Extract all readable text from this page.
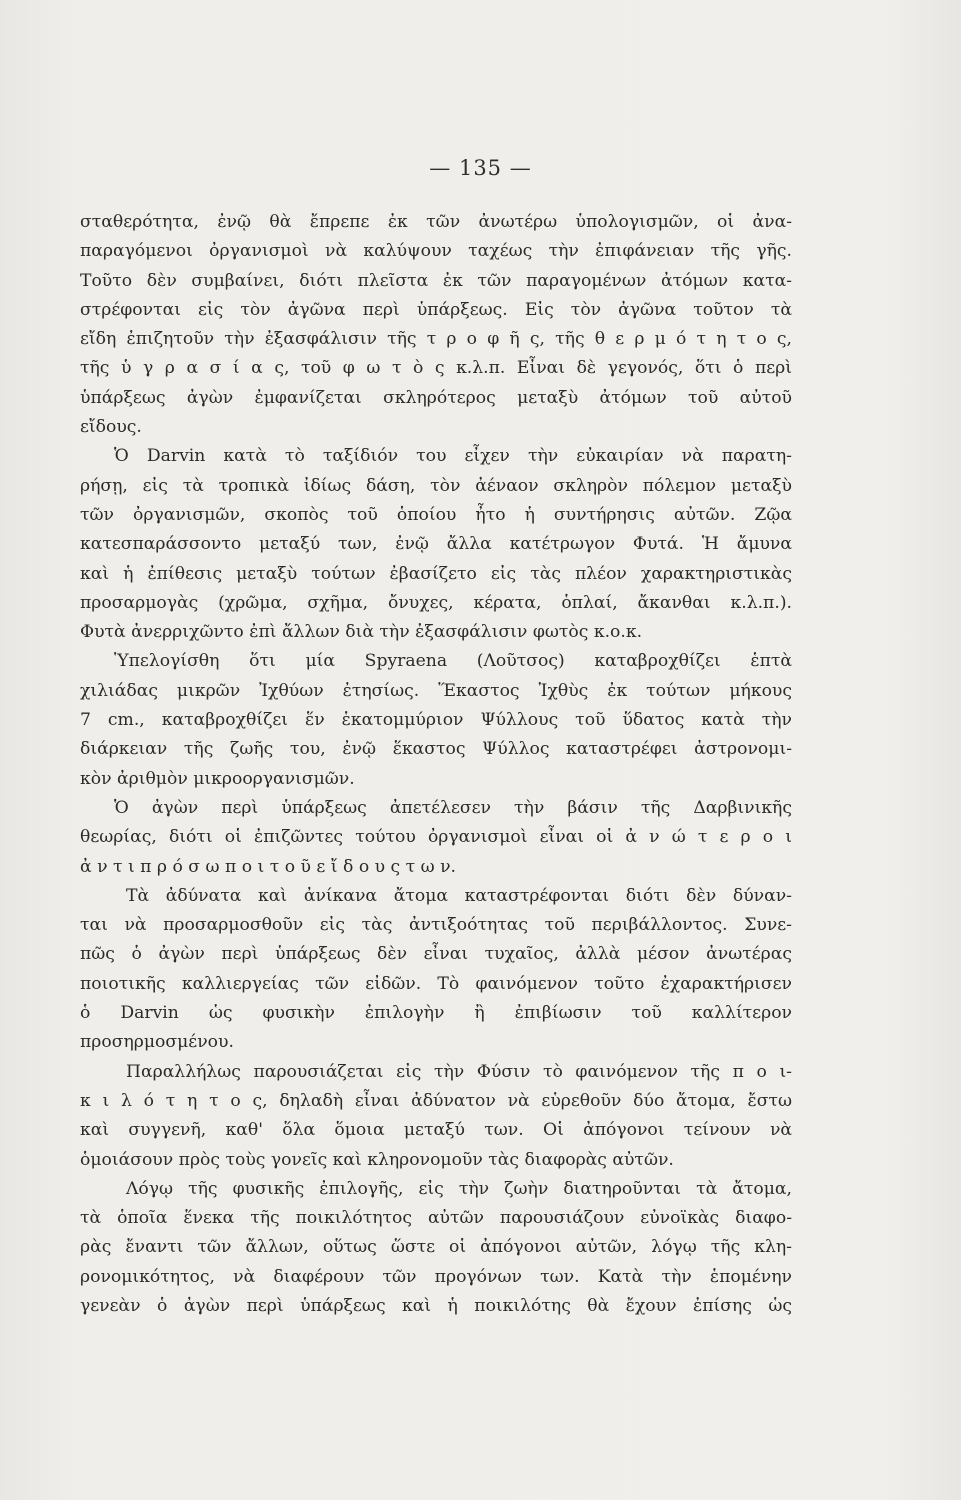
— 135 —
σταθερότητα, ἐνῷ θὰ ἔπρεπε ἐκ τῶν ἀνωτέρω ὑπολογισμῶν, οἱ ἀνα-
παραγόμενοι ὀργανισμοὶ νὰ καλύψουν ταχέως τὴν ἐπιφάνειαν τῆς γῆς.
Τοῦτο δὲν συμβαίνει, διότι πλεῖστα ἐκ τῶν παραγομένων ἀτόμων κατα-
στρέφονται εἰς τὸν ἀγῶνα περὶ ὑπάρξεως. Εἰς τὸν ἀγῶνα τοῦτον τὰ
εἴδη ἐπιζητοῦν τὴν ἐξασφάλισιν τῆς τ ρ ο φ ῆ ς, τῆς θ ε ρ μ ό τ η τ ο ς,
τῆς ὑ γ ρ α σ ί α ς, τοῦ φ ω τ ὸ ς κ.λ.π. Εἶναι δὲ γεγονός, ὅτι ὁ περὶ
ὑπάρξεως ἀγὼν ἐμφανίζεται σκληρότερος μεταξὺ ἀτόμων τοῦ αὐτοῦ
εἴδους.
Ὁ Darvin κατὰ τὸ ταξίδιόν του εἶχεν τὴν εὐκαιρίαν νὰ παρατη-
ρήσῃ, εἰς τὰ τροπικὰ ἰδίως δάση, τὸν ἀέναον σκληρὸν πόλεμον μεταξὺ
τῶν ὀργανισμῶν, σκοπὸς τοῦ ὁποίου ἦτο ἡ συντήρησις αὐτῶν. Ζῷα
κατεσπαράσσοντο μεταξύ των, ἐνῷ ἄλλα κατέτρωγον Φυτά. Ἡ ἄμυνα
καὶ ἡ ἐπίθεσις μεταξὺ τούτων ἐβασίζετο εἰς τὰς πλέον χαρακτηριστικὰς
προσαρμογὰς (χρῶμα, σχῆμα, ὄνυχες, κέρατα, ὁπλαί, ἄκανθαι κ.λ.π.).
Φυτὰ ἀνερριχῶντο ἐπὶ ἄλλων διὰ τὴν ἐξασφάλισιν φωτὸς κ.ο.κ.
Ὑπελογίσθη ὅτι μία Spyraena (Λοῦτσος) καταβροχθίζει ἑπτὰ
χιλιάδας μικρῶν Ἰχθύων ἐτησίως. Ἕκαστος Ἰχθὺς ἐκ τούτων μήκους
7 cm., καταβροχθίζει ἕν ἑκατομμύριον Ψύλλους τοῦ ὕδατος κατὰ τὴν
διάρκειαν τῆς ζωῆς του, ἐνῷ ἕκαστος Ψύλλος καταστρέφει ἀστρονομι-
κὸν ἀριθμὸν μικροοργανισμῶν.
Ὁ ἀγὼν περὶ ὑπάρξεως ἀπετέλεσεν τὴν βάσιν τῆς Δαρβινικῆς
θεωρίας, διότι οἱ ἐπιζῶντες τούτου ὀργανισμοὶ εἶναι οἱ ἀ ν ώ τ ε ρ ο ι
ἀ ν τ ι π ρ ό σ ω π ο ι τ ο ῦ ε ἴ δ ο υ ς τ ω ν.
Τὰ ἀδύνατα καὶ ἀνίκανα ἄτομα καταστρέφονται διότι δὲν δύναν-
ται νὰ προσαρμοσθοῦν εἰς τὰς ἀντιξοότητας τοῦ περιβάλλοντος. Συνε-
πῶς ὁ ἀγὼν περὶ ὑπάρξεως δὲν εἶναι τυχαῖος, ἀλλὰ μέσον ἀνωτέρας
ποιοτικῆς καλλιεργείας τῶν εἰδῶν. Τὸ φαινόμενον τοῦτο ἐχαρακτήρισεν
ὁ Darvin ὡς φυσικὴν ἐπιλογὴν ἢ ἐπιβίωσιν τοῦ καλλίτερον
προσηρμοσμένου.
Παραλλήλως παρουσιάζεται εἰς τὴν Φύσιν τὸ φαινόμενον τῆς π ο ι-
κ ι λ ό τ η τ ο ς, δηλαδὴ εἶναι ἀδύνατον νὰ εὑρεθοῦν δύο ἄτομα, ἔστω
καὶ συγγενῆ, καθ' ὅλα ὅμοια μεταξύ των. Οἱ ἀπόγονοι τείνουν νὰ
ὁμοιάσουν πρὸς τοὺς γονεῖς καὶ κληρονομοῦν τὰς διαφορὰς αὐτῶν.
Λόγῳ τῆς φυσικῆς ἐπιλογῆς, εἰς τὴν ζωὴν διατηροῦνται τὰ ἄτομα,
τὰ ὁποῖα ἕνεκα τῆς ποικιλότητος αὐτῶν παρουσιάζουν εὐνοϊκὰς διαφο-
ρὰς ἔναντι τῶν ἄλλων, οὕτως ὥστε οἱ ἀπόγονοι αὐτῶν, λόγῳ τῆς κλη-
ρονομικότητος, νὰ διαφέρουν τῶν προγόνων των. Κατὰ τὴν ἑπομένην
γενεὰν ὁ ἀγὼν περὶ ὑπάρξεως καὶ ἡ ποικιλότης θὰ ἔχουν ἐπίσης ὡς
